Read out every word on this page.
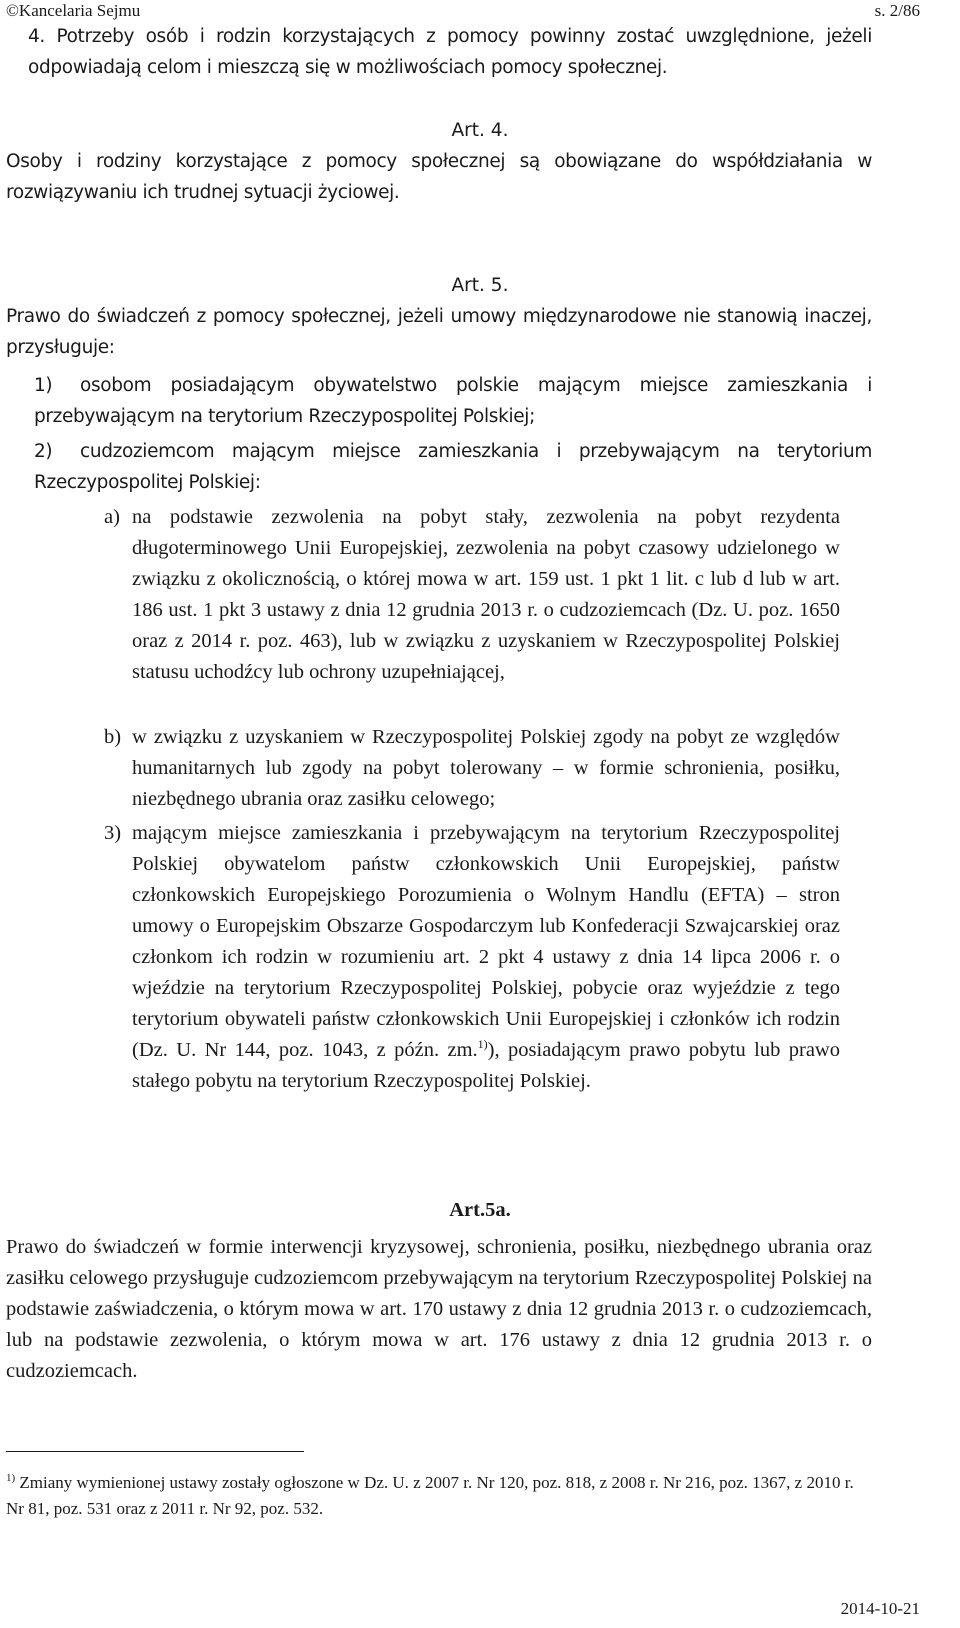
©Kancelaria Sejmu	s. 2/86
4. Potrzeby osób i rodzin korzystających z pomocy powinny zostać uwzględnione, jeżeli odpowiadają celom i mieszczą się w możliwościach pomocy społecznej.
Art. 4.
Osoby i rodziny korzystające z pomocy społecznej są obowiązane do współdziałania w rozwiązywaniu ich trudnej sytuacji życiowej.
Art. 5.
Prawo do świadczeń z pomocy społecznej, jeżeli umowy międzynarodowe nie stanowią inaczej, przysługuje:
1)	osobom posiadającym obywatelstwo polskie mającym miejsce zamieszkania i przebywającym na terytorium Rzeczypospolitej Polskiej;
2)	cudzoziemcom mającym miejsce zamieszkania i przebywającym na terytorium Rzeczypospolitej Polskiej:
a) na podstawie zezwolenia na pobyt stały, zezwolenia na pobyt rezydenta długoterminowego Unii Europejskiej, zezwolenia na pobyt czasowy udzielonego w związku z okolicznością, o której mowa w art. 159 ust. 1 pkt 1 lit. c lub d lub w art. 186 ust. 1 pkt 3 ustawy z dnia 12 grudnia 2013 r. o cudzoziemcach (Dz. U. poz. 1650 oraz z 2014 r. poz. 463), lub w związku z uzyskaniem w Rzeczypospolitej Polskiej statusu uchodźcy lub ochrony uzupełniającej,
b) w związku z uzyskaniem w Rzeczypospolitej Polskiej zgody na pobyt ze względów humanitarnych lub zgody na pobyt tolerowany – w formie schronienia, posiłku, niezbędnego ubrania oraz zasiłku celowego;
3) mającym miejsce zamieszkania i przebywającym na terytorium Rzeczypospolitej Polskiej obywatelom państw członkowskich Unii Europejskiej, państw członkowskich Europejskiego Porozumienia o Wolnym Handlu (EFTA) – stron umowy o Europejskim Obszarze Gospodarczym lub Konfederacji Szwajcarskiej oraz członkom ich rodzin w rozumieniu art. 2 pkt 4 ustawy z dnia 14 lipca 2006 r. o wjeździe na terytorium Rzeczypospolitej Polskiej, pobycie oraz wyjeździe z tego terytorium obywateli państw członkowskich Unii Europejskiej i członków ich rodzin (Dz. U. Nr 144, poz. 1043, z późn. zm.$^{1)}$), posiadającym prawo pobytu lub prawo stałego pobytu na terytorium Rzeczypospolitej Polskiej.
Art.5a.
Prawo do świadczeń w formie interwencji kryzysowej, schronienia, posiłku, niezbędnego ubrania oraz zasiłku celowego przysługuje cudzoziemcom przebywającym na terytorium Rzeczypospolitej Polskiej na podstawie zaświadczenia, o którym mowa w art. 170 ustawy z dnia 12 grudnia 2013 r. o cudzoziemcach, lub na podstawie zezwolenia, o którym mowa w art. 176 ustawy z dnia 12 grudnia 2013 r. o cudzoziemcach.
$^{1)}$ Zmiany wymienionej ustawy zostały ogłoszone w Dz. U. z 2007 r. Nr 120, poz. 818, z 2008 r. Nr 216, poz. 1367, z 2010 r. Nr 81, poz. 531 oraz z 2011 r. Nr 92, poz. 532.
2014-10-21
